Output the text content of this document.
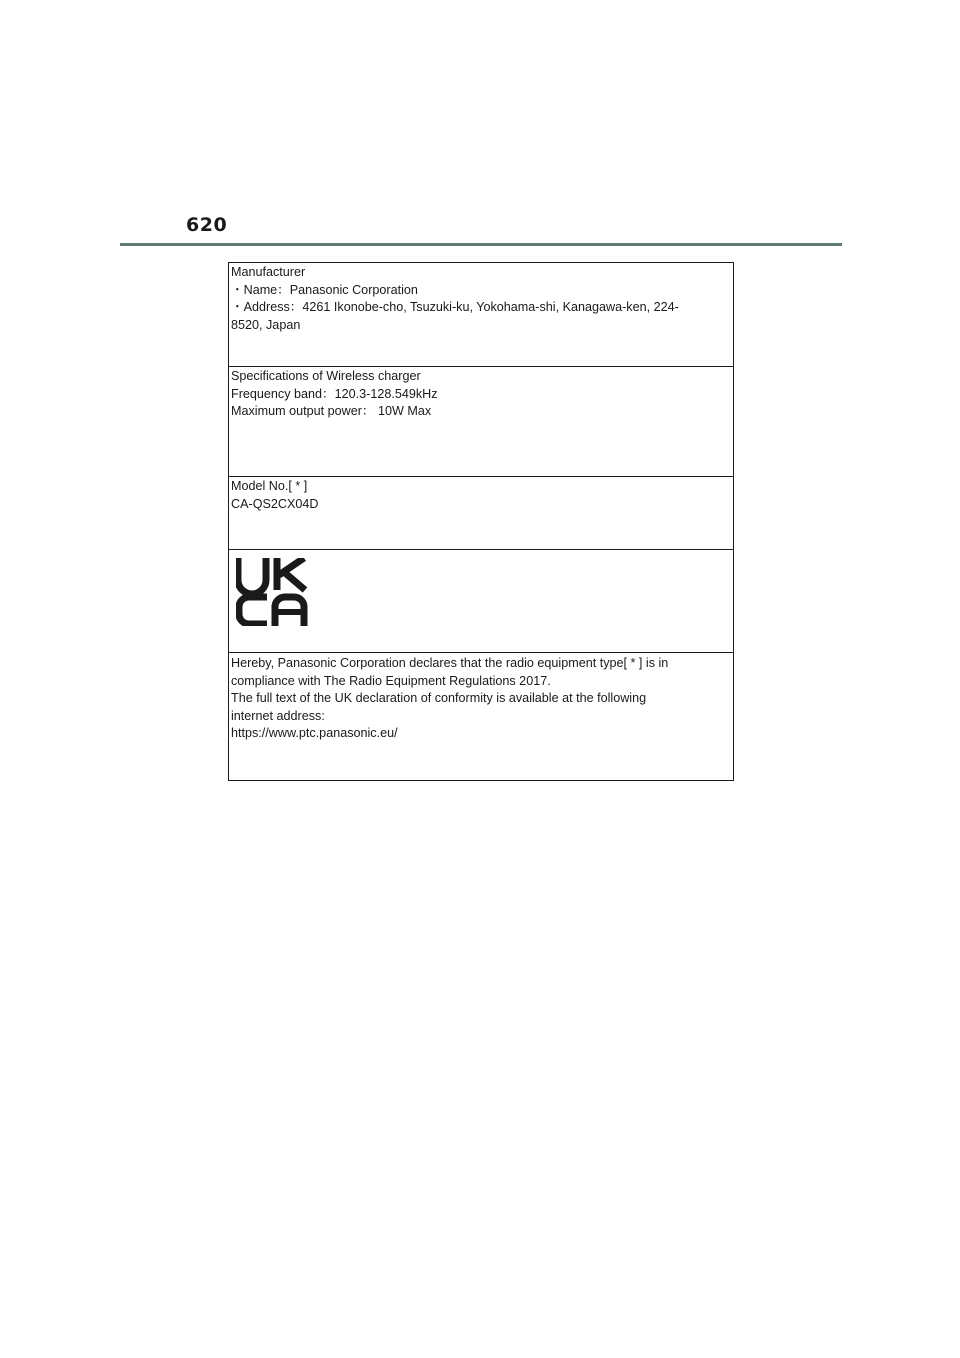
620

Manufacturer

・Name：Panasonic Corporation

・Address：4261 Ikonobe-cho, Tsuzuki-ku, Yokohama-shi, Kanagawa-ken, 224-

8520, Japan

Specifications of Wireless charger

Frequency band：120.3-128.549kHz

Maximum output power： 10W Max

Model No.[ * ]

CA-QS2CX04D

Hereby, Panasonic Corporation declares that the radio equipment type[ * ] is in

compliance with The Radio Equipment Regulations 2017.

The full text of the UK declaration of conformity is available at the following

internet address:

https://www.ptc.panasonic.eu/
